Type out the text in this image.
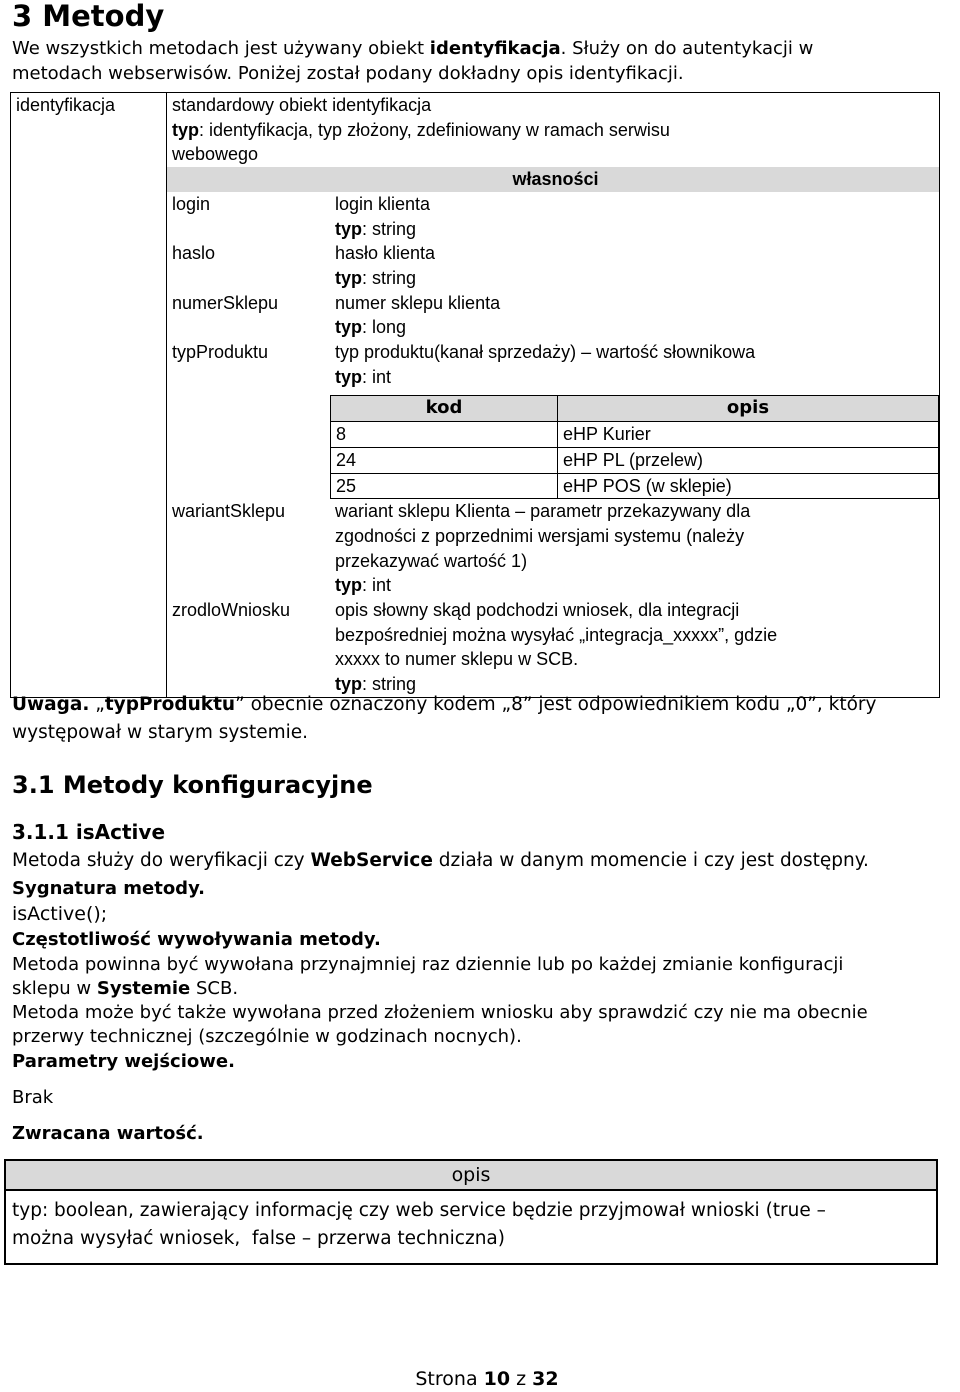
3 Metody
We wszystkich metodach jest używany obiekt identyfikacja. Służy on do autentykacji w
metodach webserwisów. Poniżej został podany dokładny opis identyfikacji.
identyfikacja	standardowy obiekt identyfikacja
typ: identyfikacja, typ złożony, zdefiniowany w ramach serwisu
webowego
własności
login	login klienta
typ: string

haslo	hasło klienta
typ: string

numerSklepu	numer sklepu klienta
typ: long

typProduktu	typ produktu(kanał sprzedaży) – wartość słownikowa
typ: int
kod	opis
8	eHP Kurier
24	eHP PL (przelew)
25	eHP POS (w sklepie)

wariantSklepu	wariant sklepu Klienta – parametr przekazywany dla
zgodności z poprzednimi wersjami systemu (należy
przekazywać wartość 1)
typ: int

zrodloWniosku	opis słowny skąd podchodzi wniosek, dla integracji
bezpośredniej można wysyłać „integracja_xxxxx”, gdzie
xxxxx to numer sklepu w SCB.
typ: string
Uwaga. „typProduktu” obecnie oznaczony kodem „8” jest odpowiednikiem kodu „0”, który
występował w starym systemie.
3.1 Metody konfiguracyjne
3.1.1 isActive
Metoda służy do weryfikacji czy WebService działa w danym momencie i czy jest dostępny.
Sygnatura metody.
isActive();
Częstotliwość wywoływania metody.
Metoda powinna być wywołana przynajmniej raz dziennie lub po każdej zmianie konfiguracji
sklepu w Systemie SCB.
Metoda może być także wywołana przed złożeniem wniosku aby sprawdzić czy nie ma obecnie
przerwy technicznej (szczególnie w godzinach nocnych).
Parametry wejściowe.
Brak
Zwracana wartość.
opis

typ: boolean, zawierający informację czy web service będzie przyjmował wnioski (true –
można wysyłać wniosek,  false – przerwa techniczna)
Strona 10 z 32
